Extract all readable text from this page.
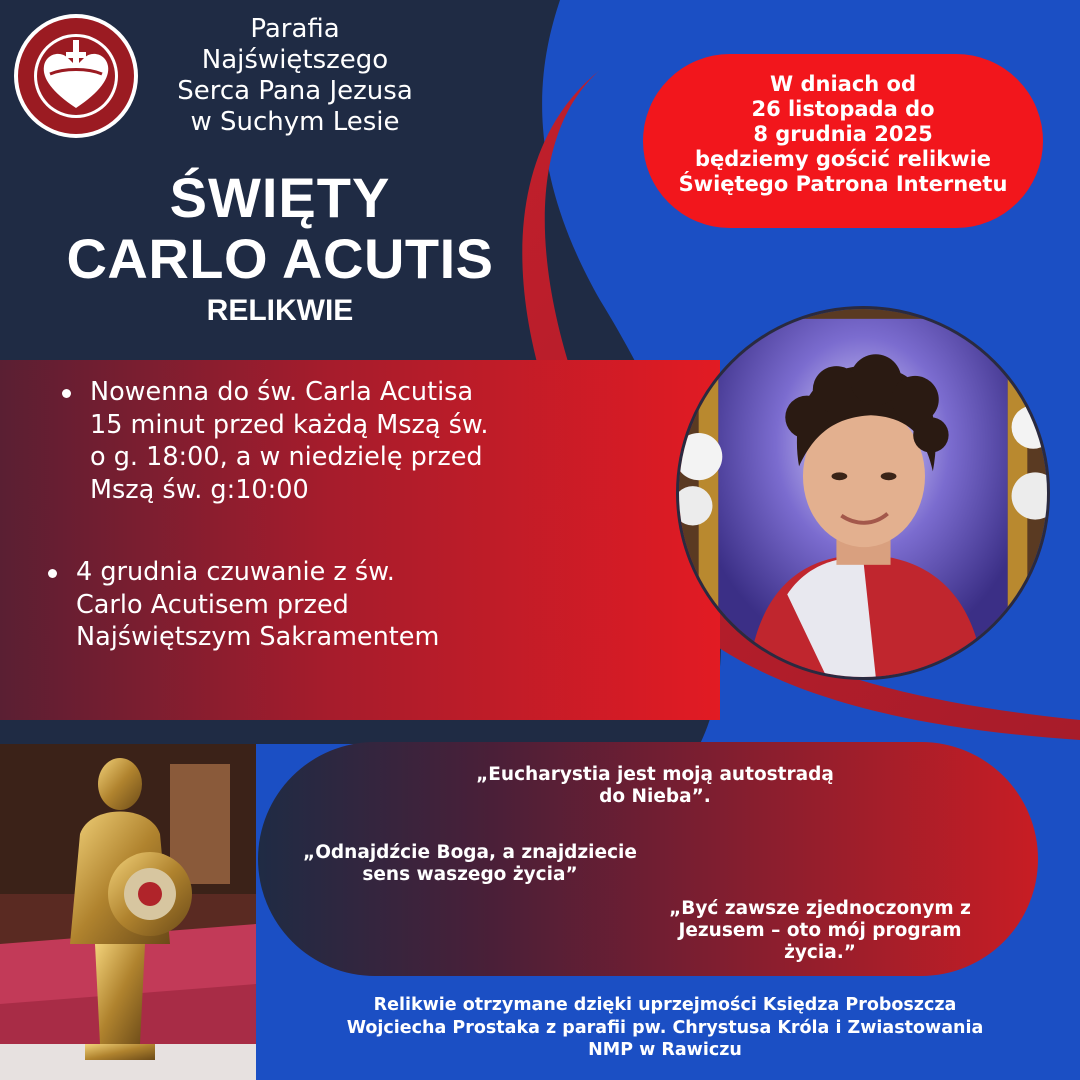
Parafia
Najświętszego
Serca Pana Jezusa
w Suchym Lesie
ŚWIĘTY
CARLO ACUTIS
RELIKWIE
Nowenna do św. Carla Acutisa
15 minut przed każdą Mszą św.
o g. 18:00, a w niedzielę przed
Mszą św. g:10:00
4 grudnia czuwanie z św.
Carlo Acutisem przed
Najświętszym Sakramentem
W dniach od
26 listopada do
8 grudnia 2025
będziemy gościć relikwie
Świętego Patrona Internetu
„Eucharystia jest moją autostradą
do Nieba”.
„Odnajdźcie Boga, a znajdziecie
sens waszego życia”
„Być zawsze zjednoczonym z
Jezusem – oto mój program
życia.”
Relikwie otrzymane dzięki uprzejmości Księdza Proboszcza
Wojciecha Prostaka z parafii pw. Chrystusa Króla i Zwiastowania
NMP w Rawiczu
